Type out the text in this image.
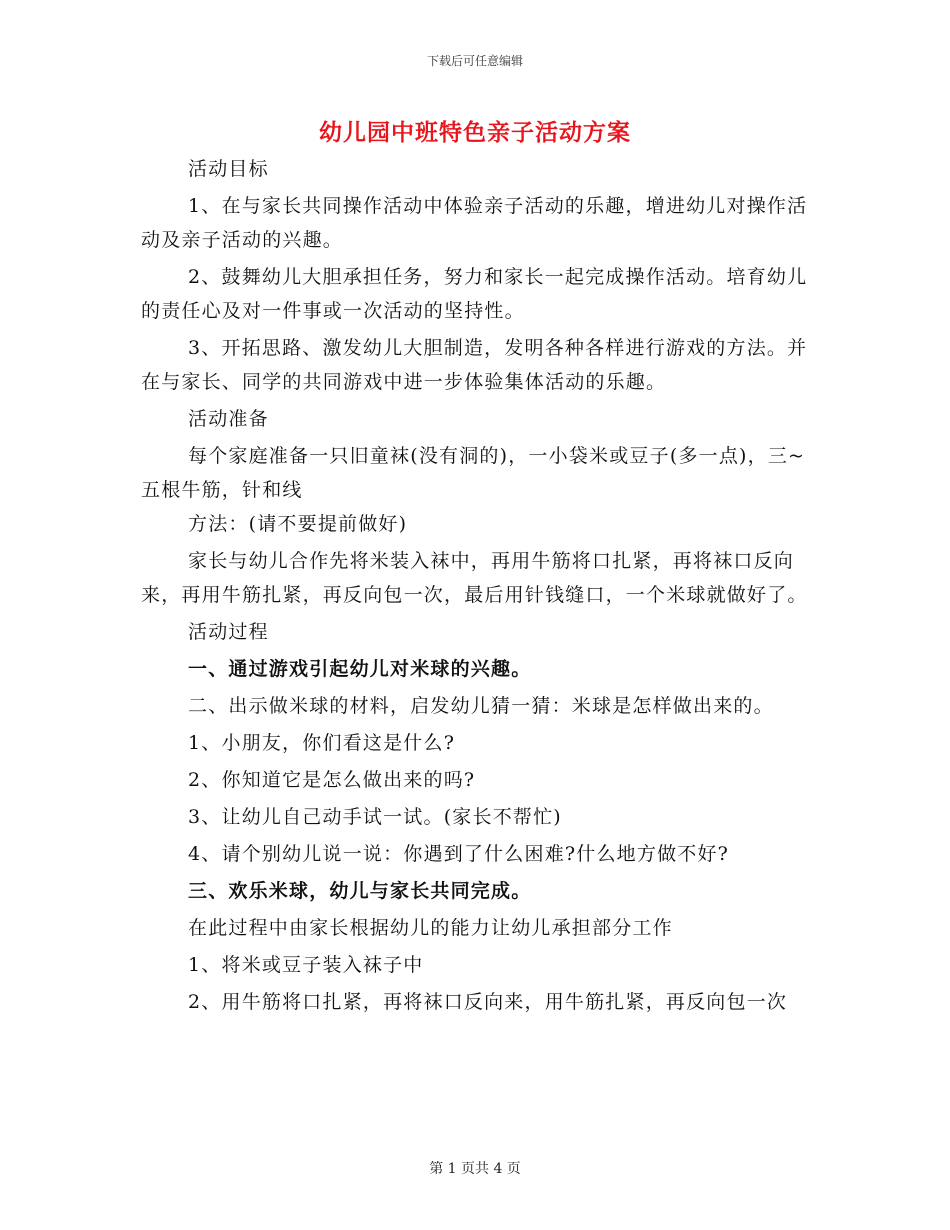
下载后可任意编辑
幼儿园中班特色亲子活动方案

活动目标

1、在与家长共同操作活动中体验亲子活动的乐趣，增进幼儿对操作活动及亲子活动的兴趣。

2、鼓舞幼儿大胆承担任务，努力和家长一起完成操作活动。培育幼儿的责任心及对一件事或一次活动的坚持性。

3、开拓思路、激发幼儿大胆制造，发明各种各样进行游戏的方法。并在与家长、同学的共同游戏中进一步体验集体活动的乐趣。

活动准备

每个家庭准备一只旧童袜(没有洞的)，一小袋米或豆子(多一点)，三~五根牛筋，针和线

方法：(请不要提前做好)

家长与幼儿合作先将米装入袜中，再用牛筋将口扎紧，再将袜口反向来，再用牛筋扎紧，再反向包一次，最后用针钱缝口，一个米球就做好了。

活动过程

一、通过游戏引起幼儿对米球的兴趣。

二、出示做米球的材料，启发幼儿猜一猜：米球是怎样做出来的。

1、小朋友，你们看这是什么?

2、你知道它是怎么做出来的吗?

3、让幼儿自己动手试一试。(家长不帮忙)

4、请个别幼儿说一说：你遇到了什么困难?什么地方做不好?

三、欢乐米球，幼儿与家长共同完成。

在此过程中由家长根据幼儿的能力让幼儿承担部分工作

1、将米或豆子装入袜子中

2、用牛筋将口扎紧，再将袜口反向来，用牛筋扎紧，再反向包一次

第 1 页共 4 页
